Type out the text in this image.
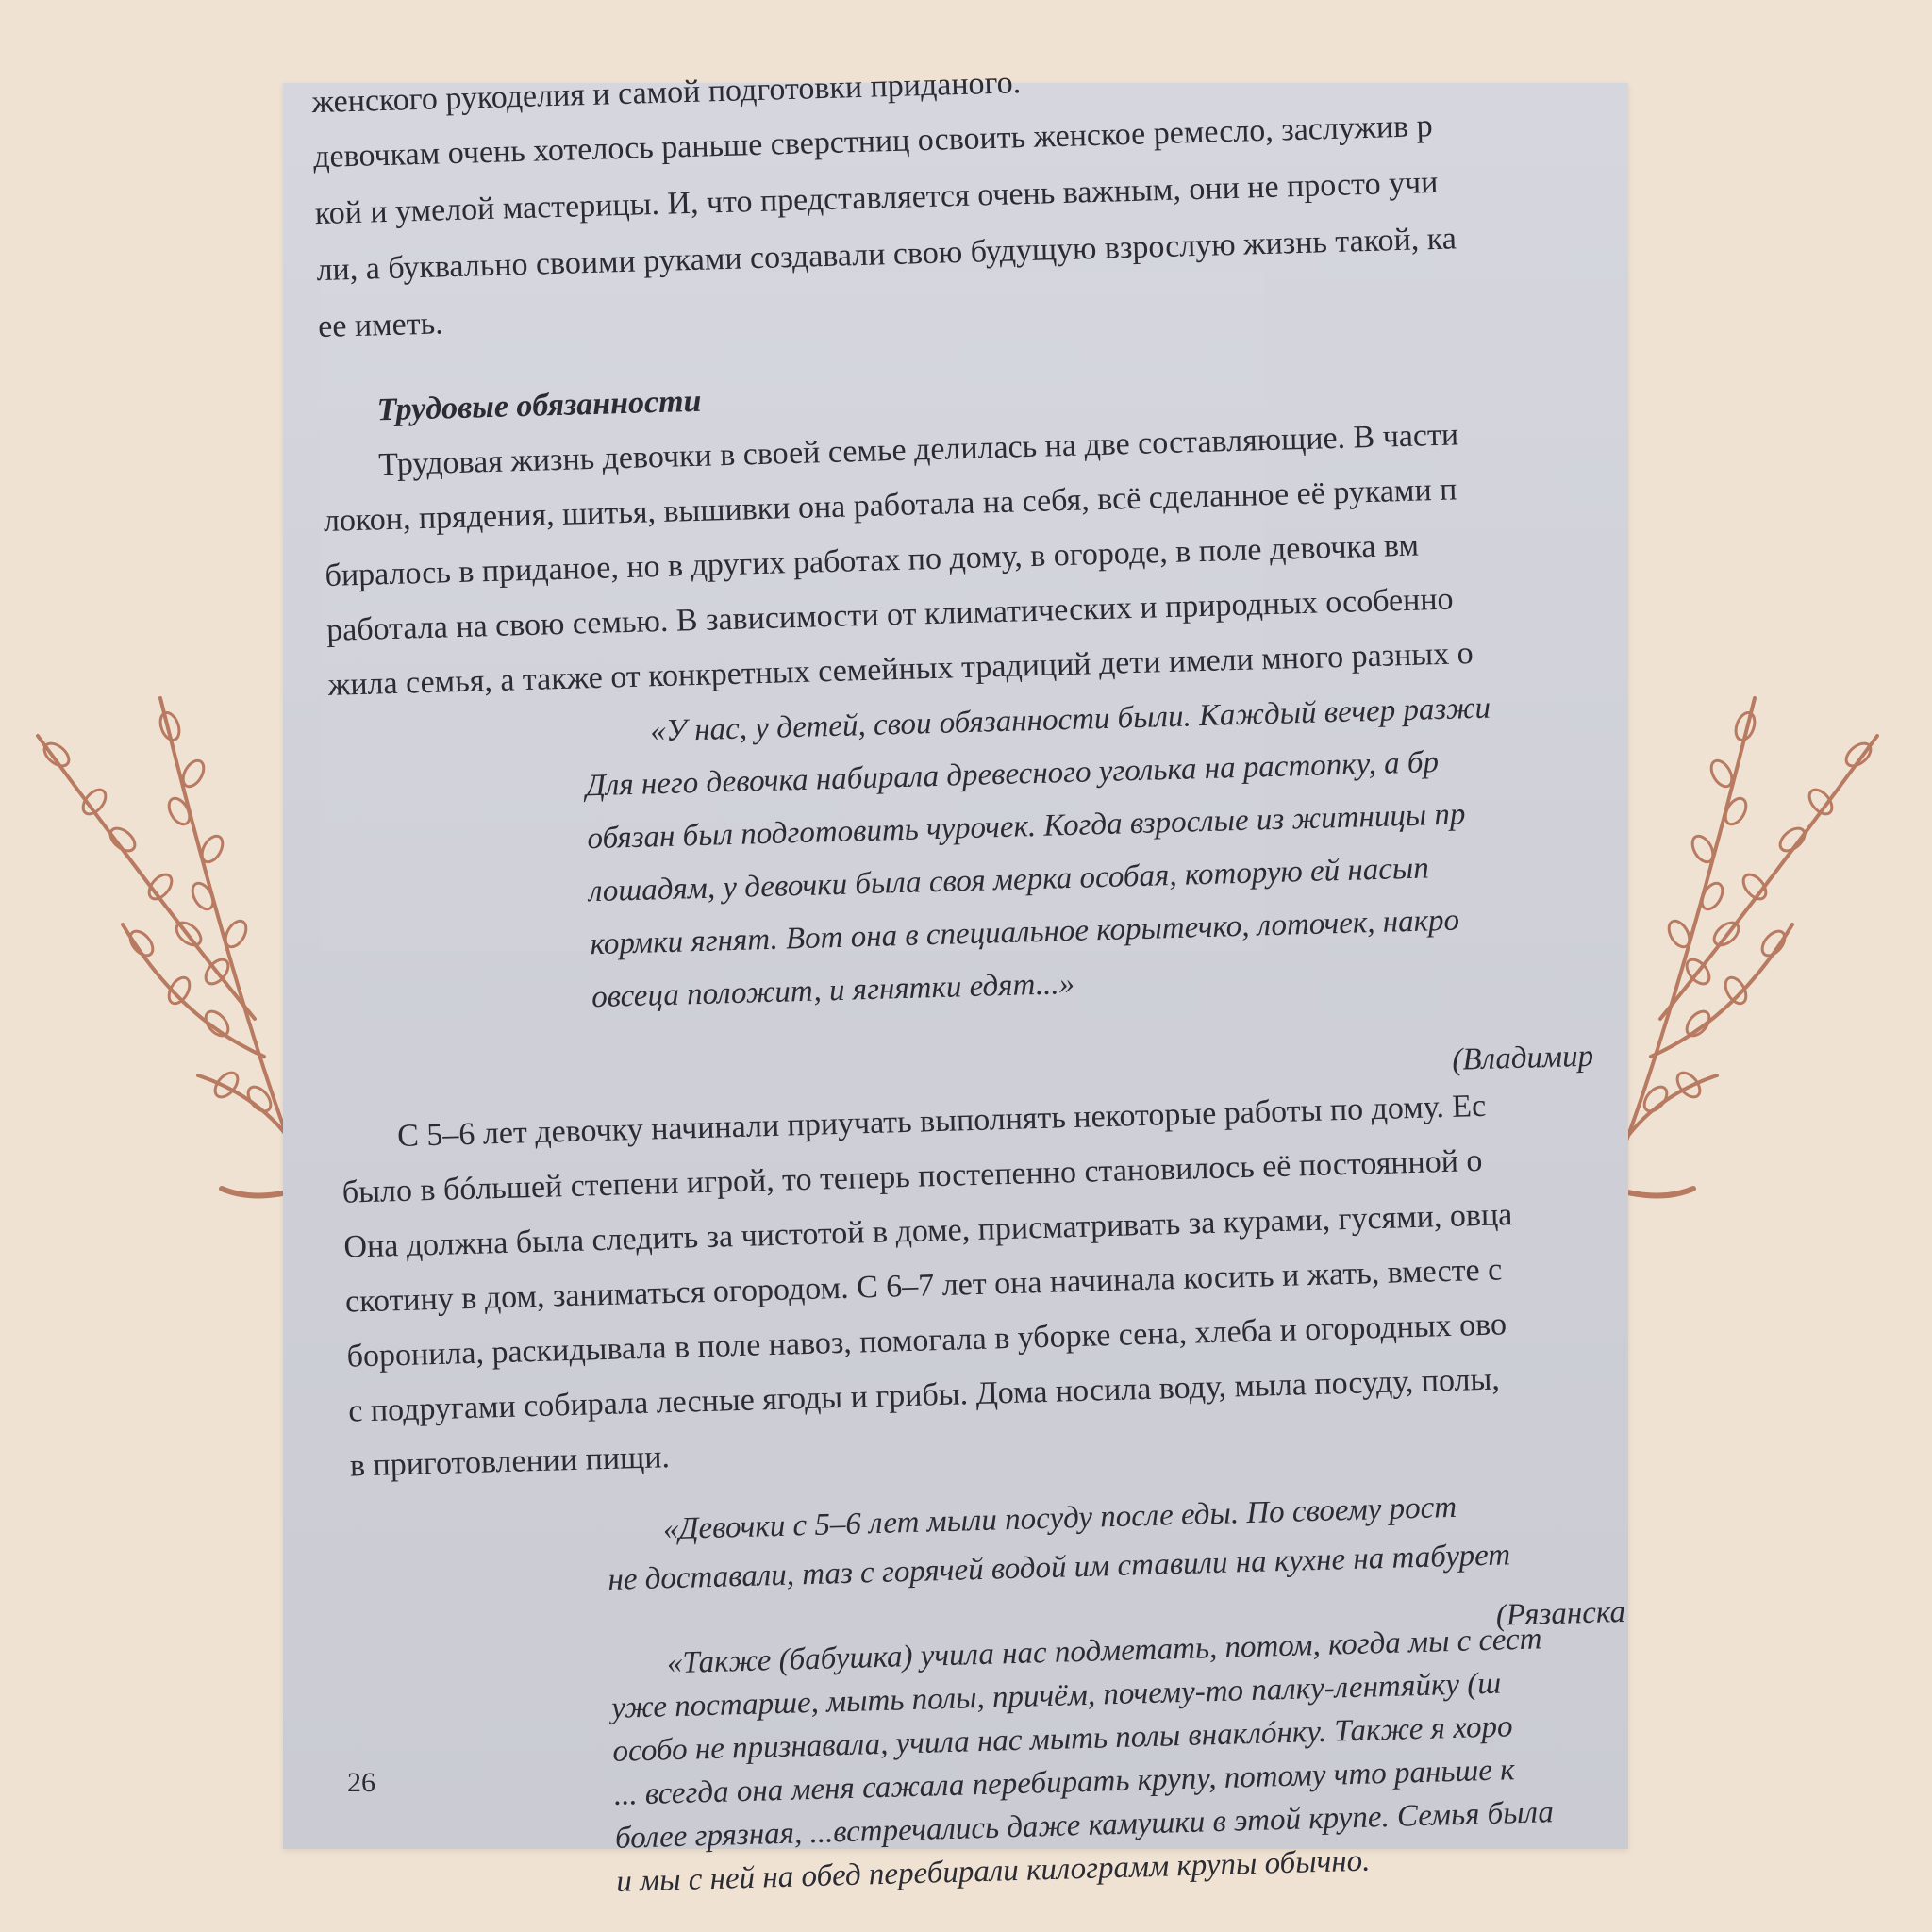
женского рукоделия и самой подготовки приданого.
девочкам очень хотелось раньше сверстниц освоить женское ремесло, заслужив р
кой и умелой мастерицы. И, что представляется очень важным, они не просто учи
ли, а буквально своими руками создавали свою будущую взрослую жизнь такой, ка
ее иметь.
Трудовые обязанности
Трудовая жизнь девочки в своей семье делилась на две составляющие. В части
локон, прядения, шитья, вышивки она работала на себя, всё сделанное её руками п
биралось в приданое, но в других работах по дому, в огороде, в поле девочка вм
работала на свою семью. В зависимости от климатических и природных особенно
жила семья, а также от конкретных семейных традиций дети имели много разных о
«У нас, у детей, свои обязанности были. Каждый вечер разжи
Для него девочка набирала древесного уголька на растопку, а бр
обязан был подготовить чурочек. Когда взрослые из житницы пр
лошадям, у девочки была своя мерка особая, которую ей насып
кормки ягнят. Вот она в специальное корытечко, лоточек, накро
овсеца положит, и ягнятки едят...»
(Владимир
С 5–6 лет девочку начинали приучать выполнять некоторые работы по дому. Ес
было в бóльшей степени игрой, то теперь постепенно становилось её постоянной о
Она должна была следить за чистотой в доме, присматривать за курами, гусями, овца
скотину в дом, заниматься огородом. С 6–7 лет она начинала косить и жать, вместе с
боронила, раскидывала в поле навоз, помогала в уборке сена, хлеба и огородных ово
с подругами собирала лесные ягоды и грибы. Дома носила воду, мыла посуду, полы,
в приготовлении пищи.
«Девочки с 5–6 лет мыли посуду после еды. По своему рост
не доставали, таз с горячей водой им ставили на кухне на табурет
(Рязанска
«Также (бабушка) учила нас подметать, потом, когда мы с сест
уже постарше, мыть полы, причём, почему-то палку-лентяйку (ш
особо не признавала, учила нас мыть полы внаклóнку. Также я хоро
... всегда она меня сажала перебирать крупу, потому что раньше к
более грязная, ...встречались даже камушки в этой крупе. Семья была
и мы с ней на обед перебирали килограмм крупы обычно.
26
